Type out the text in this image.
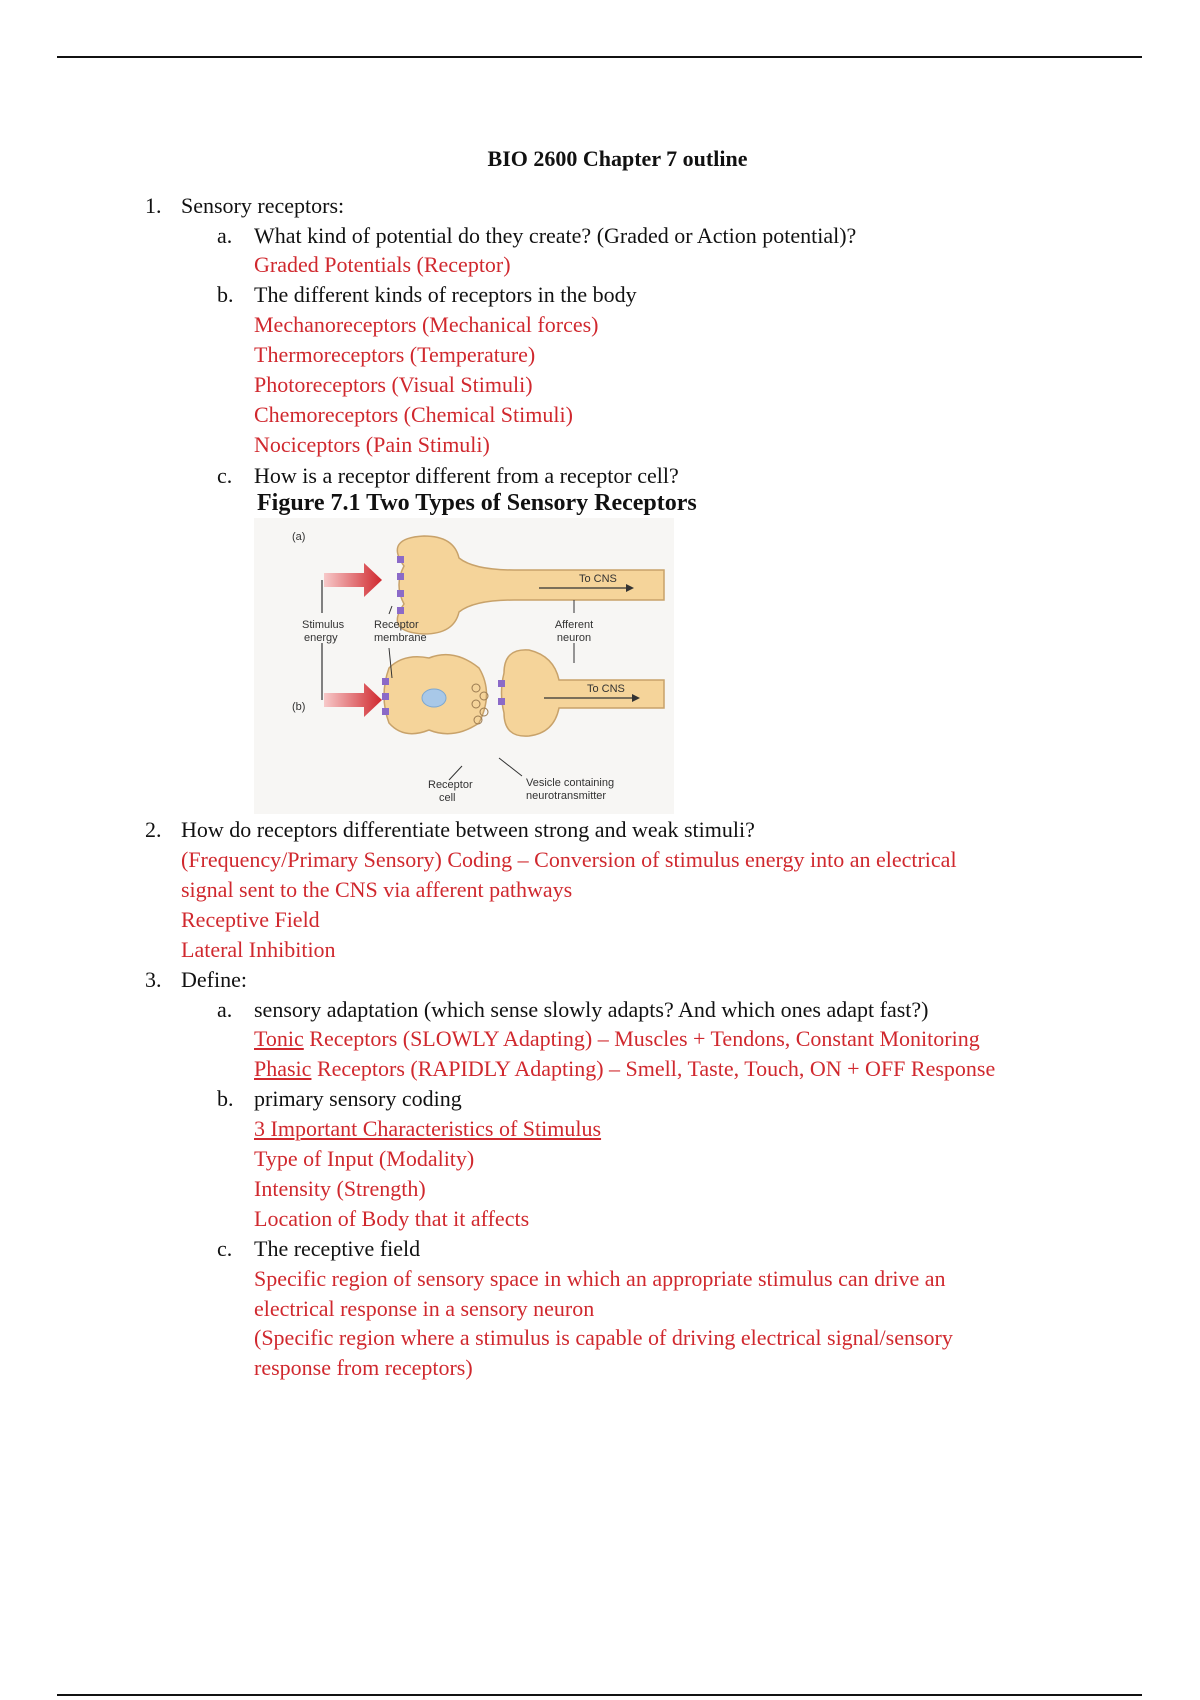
BIO 2600 Chapter 7 outline
1. Sensory receptors:
a. What kind of potential do they create? (Graded or Action potential)?
Graded Potentials (Receptor)
b. The different kinds of receptors in the body
Mechanoreceptors (Mechanical forces)
Thermoreceptors (Temperature)
Photoreceptors (Visual Stimuli)
Chemoreceptors (Chemical Stimuli)
Nociceptors (Pain Stimuli)
c. How is a receptor different from a receptor cell?
Figure 7.1 Two Types of Sensory Receptors
(a)
(b)
To CNS
To CNS
Stimulus
energy
Receptor
membrane
Afferent
neuron
Receptor
cell
Vesicle containing
neurotransmitter
2. How do receptors differentiate between strong and weak stimuli?
(Frequency/Primary Sensory) Coding – Conversion of stimulus energy into an electrical
signal sent to the CNS via afferent pathways
Receptive Field
Lateral Inhibition
3. Define:
a. sensory adaptation (which sense slowly adapts? And which ones adapt fast?)
Tonic Receptors (SLOWLY Adapting) – Muscles + Tendons, Constant Monitoring
Phasic Receptors (RAPIDLY Adapting) – Smell, Taste, Touch, ON + OFF Response
b. primary sensory coding
3 Important Characteristics of Stimulus
Type of Input (Modality)
Intensity (Strength)
Location of Body that it affects
c. The receptive field
Specific region of sensory space in which an appropriate stimulus can drive an
electrical response in a sensory neuron
(Specific region where a stimulus is capable of driving electrical signal/sensory
response from receptors)
